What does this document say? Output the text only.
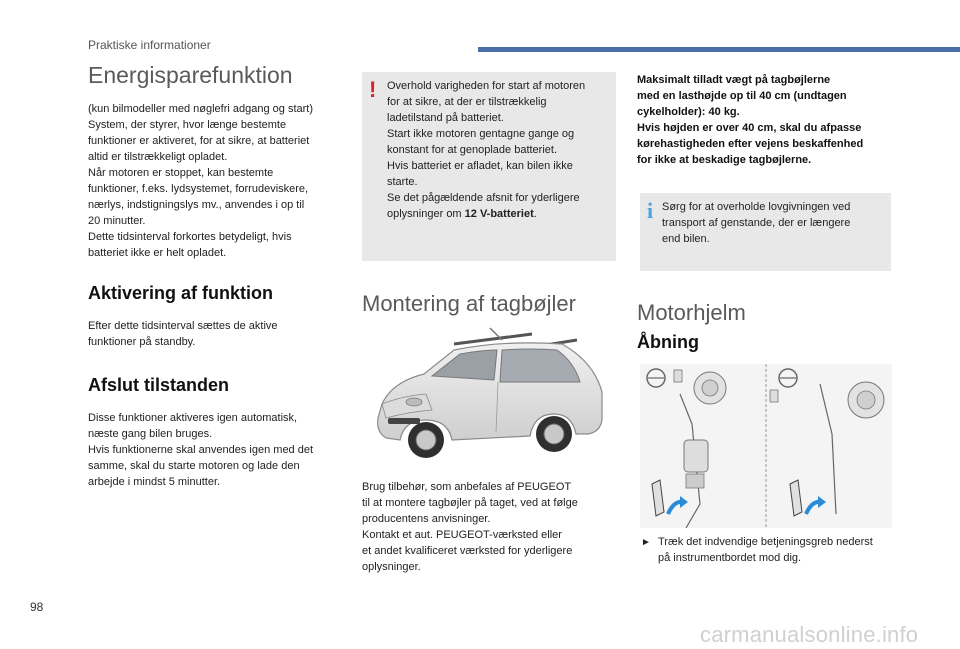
Praktiske informationer
Energisparefunktion
(kun bilmodeller med nøglefri adgang og start)
System, der styrer, hvor længe bestemte
funktioner er aktiveret, for at sikre, at batteriet
altid er tilstrækkeligt opladet.
Når motoren er stoppet, kan bestemte
funktioner, f.eks. lydsystemet, forrudeviskere,
nærlys, indstigningslys mv., anvendes i op til
20 minutter.
Dette tidsinterval forkortes betydeligt, hvis
batteriet ikke er helt opladet.
Aktivering af funktion
Efter dette tidsinterval sættes de aktive
funktioner på standby.
Afslut tilstanden
Disse funktioner aktiveres igen automatisk,
næste gang bilen bruges.
Hvis funktionerne skal anvendes igen med det
samme, skal du starte motoren og lade den
arbejde i mindst 5 minutter.
! Overhold varigheden for start af motoren
for at sikre, at der er tilstrækkelig
ladetilstand på batteriet.
Start ikke motoren gentagne gange og
konstant for at genoplade batteriet.
Hvis batteriet er afladet, kan bilen ikke
starte.
Se det pågældende afsnit for yderligere
oplysninger om 12 V-batteriet.
Montering af tagbøjler
Brug tilbehør, som anbefales af PEUGEOT
til at montere tagbøjler på taget, ved at følge
producentens anvisninger.
Kontakt et aut. PEUGEOT-værksted eller
et andet kvalificeret værksted for yderligere
oplysninger.
Maksimalt tilladt vægt på tagbøjlerne
med en lasthøjde op til 40 cm (undtagen
cykelholder): 40 kg.
Hvis højden er over 40 cm, skal du afpasse
kørehastigheden efter vejens beskaffenhed
for ikke at beskadige tagbøjlerne.
i Sørg for at overholde lovgivningen ved
transport af genstande, der er længere
end bilen.
Motorhjelm
Åbning
► Træk det indvendige betjeningsgreb nederst
på instrumentbordet mod dig.
98
carmanualsonline.info
